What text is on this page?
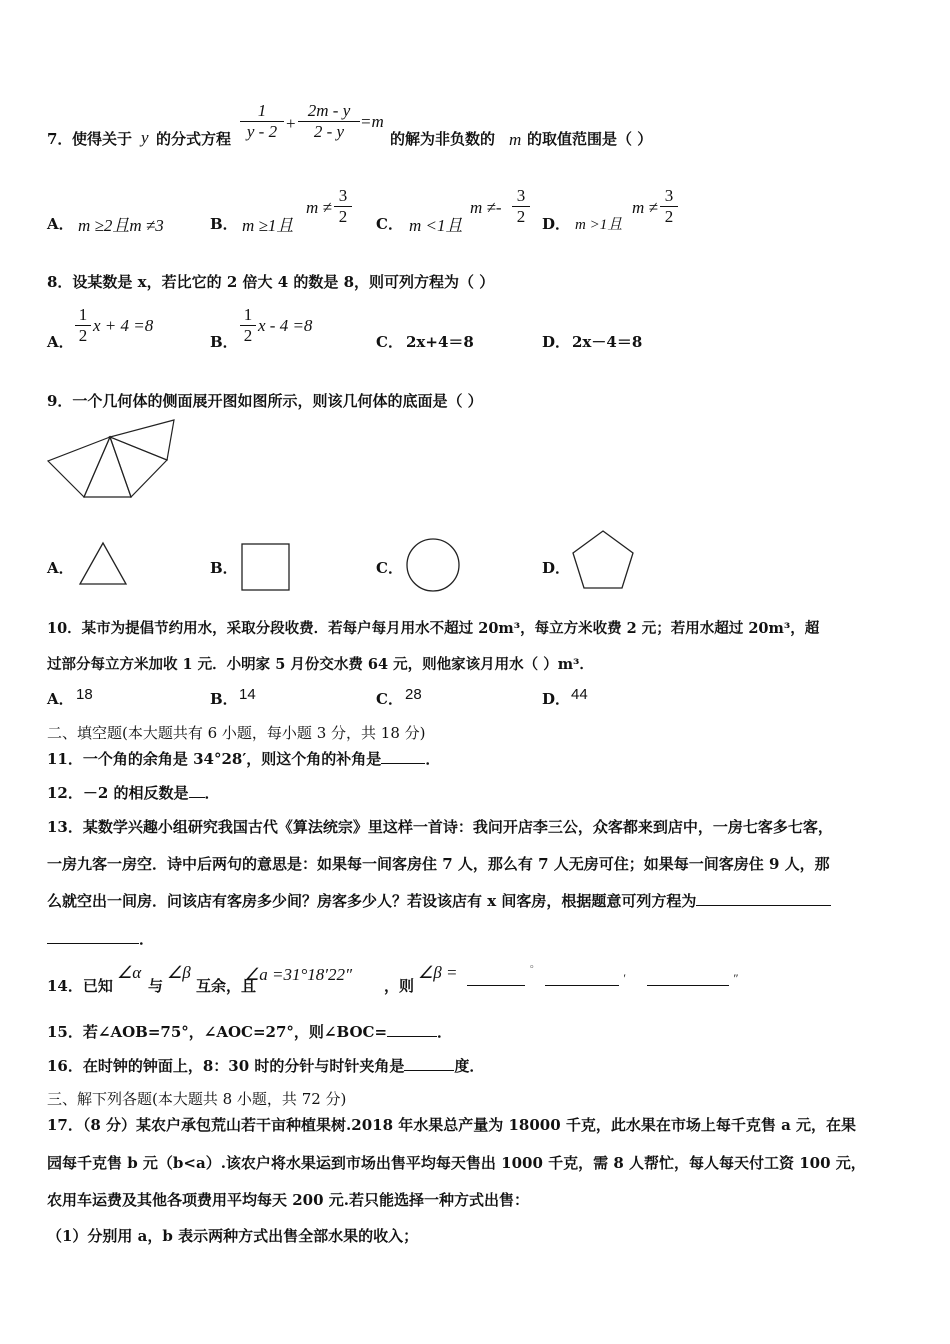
7． 使得关于 y 的分式方程
1
y - 2 +
2m - y
2 - y
=m
的解为非负数的 m 的取值范围是（ ）
A． m ≥2且m ≠3	B． m ≥1且
m ≠
3
2	C． m <1且
m ≠-
3
2	D． m >1且
m ≠
3
2
8．设某数是 x，若比它的 2 倍大 4 的数是 8，则可列方程为（ ）
A．
1
2
x + 4 =8
B．
1
2
x - 4 =8
C． 2x+4＝8	D． 2x－4＝8
9．一个几何体的侧面展开图如图所示，则该几何体的底面是（ ）
A．	B．	C．	D．
10．某市为提倡节约用水，采取分段收费．若每户每月用水不超过 20m³，每立方米收费 2 元；若用水超过 20m³，超
过部分每立方米加收 1 元．小明家 5 月份交水费 64 元，则他家该月用水（ ）m³．
A． 18	B． 14	C． 28	D． 44
二、填空题(本大题共有 6 小题，每小题 3 分，共 18 分)
11．一个角的余角是 34°28′，则这个角的补角是	．
12．－2 的相反数是 ．
13．某数学兴趣小组研究我国古代《算法统宗》里这样一首诗：我问开店李三公，众客都来到店中，一房七客多七客，
一房九客一房空．诗中后两句的意思是：如果每一间客房住 7 人，那么有 7 人无房可住；如果每一间客房住 9 人，那
么就空出一间房．问该店有客房多少间？房客多少人？若设该店有 x 间客房，根据题意可列方程为
．
14．已知
∠α
与
∠β
互余，且
∠a =31°18′22″
，则
∠β =	°  ′	″
15．若∠AOB=75°，∠AOC=27°，则∠BOC=	．
16．在时钟的钟面上，8：30 时的分针与时针夹角是	度．
三、解下列各题(本大题共 8 小题，共 72 分)
17．（8 分）某农户承包荒山若干亩种植果树.2018 年水果总产量为 18000 千克，此水果在市场上每千克售 a 元，在果
园每千克售 b 元（b<a）.该农户将水果运到市场出售平均每天售出 1000 千克，需 8 人帮忙，每人每天付工资 100 元，
农用车运费及其他各项费用平均每天 200 元.若只能选择一种方式出售：
（1）分别用 a，b 表示两种方式出售全部水果的收入；
